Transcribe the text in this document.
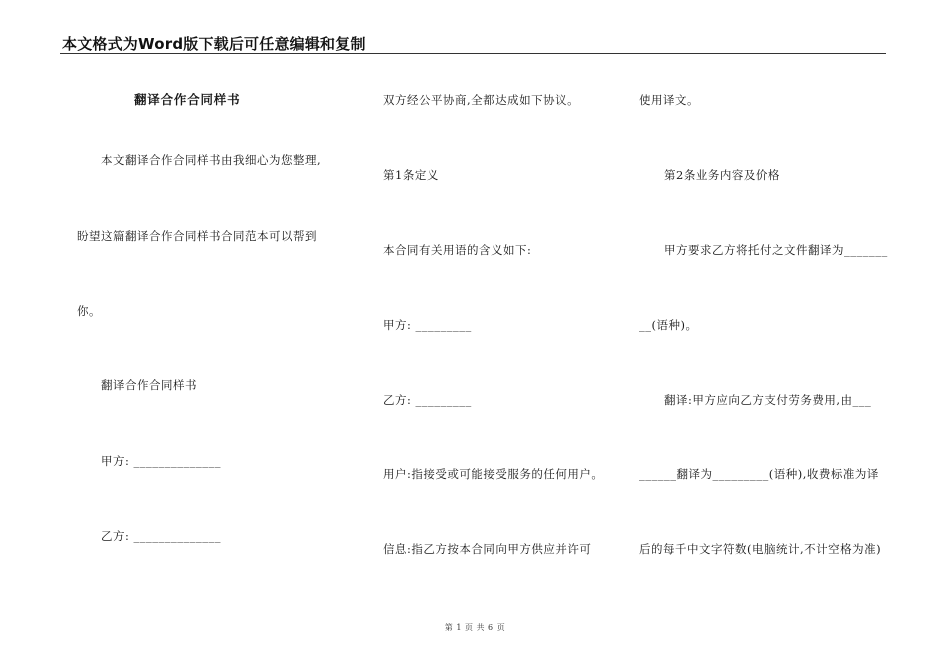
本文格式为Word版下载后可任意编辑和复制
翻译合作合同样书
本文翻译合作合同样书由我细心为您整理,
盼望这篇翻译合作合同样书合同范本可以帮到
你。
翻译合作合同样书
甲方: ______________
乙方: ______________
双方经公平协商,全都达成如下协议。
第1条定义
本合同有关用语的含义如下:
甲方: _________
乙方: _________
用户:指接受或可能接受服务的任何用户。
信息:指乙方按本合同向甲方供应并许可
使用译文。
第2条业务内容及价格
甲方要求乙方将托付之文件翻译为_______
__(语种)。
翻译:甲方应向乙方支付劳务费用,由___
______翻译为_________(语种),收费标准为译
后的每千中文字符数(电脑统计,不计空格为准)
第 1 页 共 6 页
